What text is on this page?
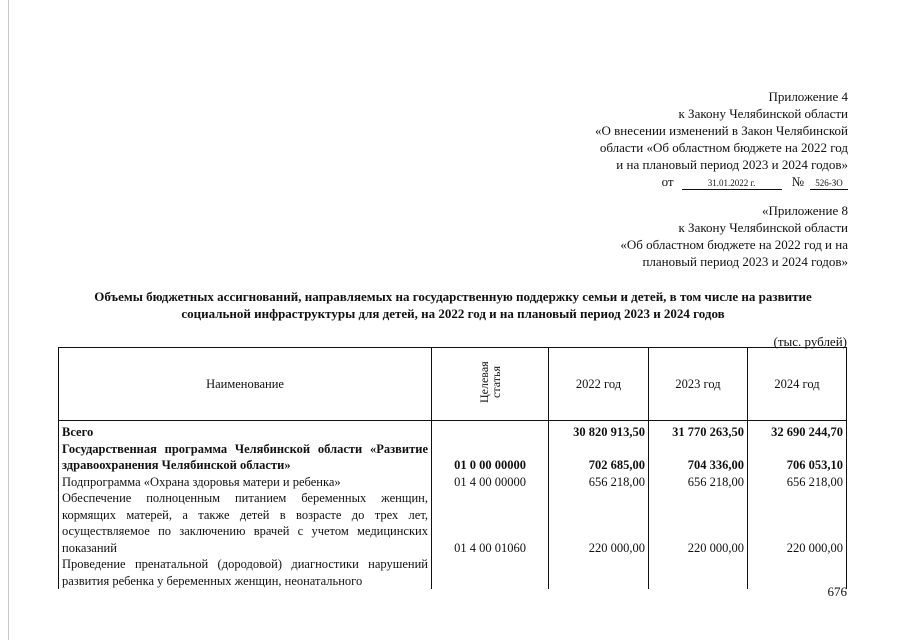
Приложение 4
к Закону Челябинской области
«О внесении изменений в Закон Челябинской
области «Об областном бюджете на 2022 год
и на плановый период 2023 и 2024 годов»
от	31.01.2022 г.	№ 526-ЗО
«Приложение 8
к Закону Челябинской области
«Об областном бюджете на 2022 год и на
плановый период 2023 и 2024 годов»
Объемы бюджетных ассигнований, направляемых на государственную поддержку семьи и детей, в том числе на развитие
социальной инфраструктуры для детей, на 2022 год и на плановый период 2023 и 2024 годов
(тыс. рублей)
Наименование	Целевая статья	2022 год	2023 год	2024 год
Всего		30 820 913,50	31 770 263,50	32 690 244,70
Государственная программа Челябинской области «Развитие здравоохранения Челябинской области»	01 0 00 00000	702 685,00	704 336,00	706 053,10
Подпрограмма «Охрана здоровья матери и ребенка»	01 4 00 00000	656 218,00	656 218,00	656 218,00
Обеспечение полноценным питанием беременных женщин, кормящих матерей, а также детей в возрасте до трех лет, осуществляемое по заключению врачей с учетом медицинских показаний	01 4 00 01060	220 000,00	220 000,00	220 000,00
Проведение пренатальной (дородовой) диагностики нарушений развития ребенка у беременных женщин, неонатального				
676
